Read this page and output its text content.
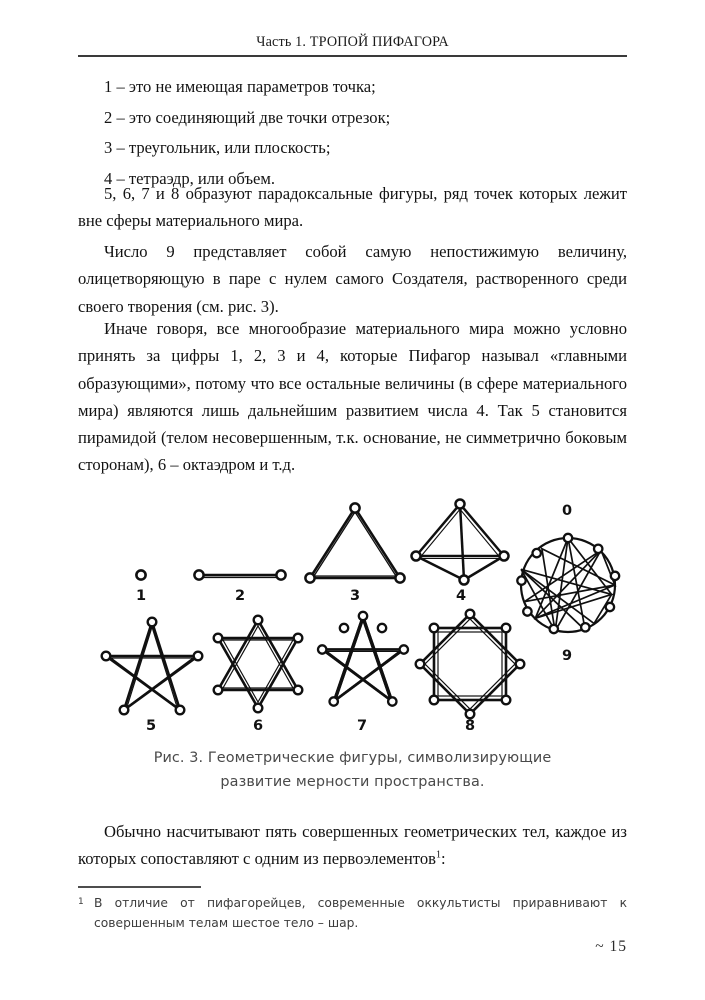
Часть 1. ТРОПОЙ ПИФАГОРА

1 – это не имеющая параметров точка;

2 – это соединяющий две точки отрезок;

3 – треугольник, или плоскость;

4 – тетраэдр, или объем.

5, 6, 7 и 8 образуют парадоксальные фигуры, ряд точек которых лежит вне сферы материального мира.

Число 9 представляет собой самую непостижимую величину, олицетворяющую в паре с нулем самого Создателя, растворенного среди своего творения (см. рис. 3).

Иначе говоря, все многообразие материального мира можно условно принять за цифры 1, 2, 3 и 4, которые Пифагор называл «главными образующими», потому что все остальные величины (в сфере материального мира) являются лишь дальнейшим развитием числа 4. Так 5 становится пирамидой (телом несовершенным, т.к. основание, не симметрично боковым сторонам), 6 – октаэдром и т.д.

1	2	3	4
0
9
5	6	7	8
Рис. 3. Геометрические фигуры, символизирующие
развитие мерности пространства.

Обычно насчитывают пять совершенных геометрических тел, каждое из которых сопоставляют с одним из первоэлементов$^1$:

1 В отличие от пифагорейцев, современные оккультисты приравнивают к совершенным телам шестое тело – шар.
~ 15
